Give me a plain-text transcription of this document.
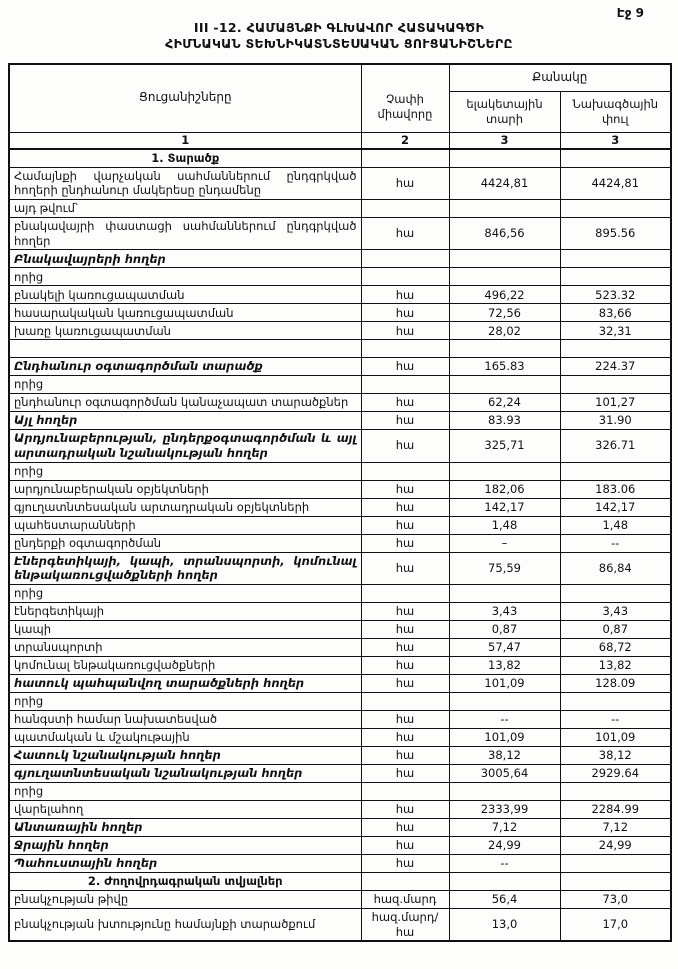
Էջ 9
III -12. ՀԱՄԱՅՆՔԻ ԳԼԽԱՎՈՐ ՀԱՏԱԿԱԳԾԻ
ՀԻՄՆԱԿԱՆ ՏԵԽՆԻԿԱՏՆՏԵՍԱԿԱՆ ՑՈՒՑԱՆԻՇՆԵՐԸ
Ցուցանիշները	Չափի միավորը	Քանակը	
		ելակետային տարի	Նախագծային փուլ
1	2	3	3
1. Տարածք			
Համայնքի վարչական սահմաններում ընդգրկված հողերի ընդհանուր մակերեսը ընդամենը	հա	4424,81	4424,81
այդ թվում՝			
բնակավայրի փաստացի սահմաններում ընդգրկված հողեր	հա	846,56	895.56
Բնակավայրերի հողեր			
որից			
բնակելի կառուցապատման	հա	496,22	523.32
հասարակական կառուցապատման	հա	72,56	83,66
խառը կառուցապատման	հա	28,02	32,31

Ընդհանուր օգտագործման տարածք	հա	165.83	224.37
որից			
ընդհանուր օգտագործման կանաչապատ տարածքներ	հա	62,24	101,27
Այլ հողեր	հա	83.93	31.90
Արդյունաբերության, ընդերքօգտագործման և այլ արտադրական նշանակության հողեր	հա	325,71	326.71
որից			
արդյունաբերական օբյեկտների	հա	182,06	183.06
գյուղատնտեսական արտադրական օբյեկտների	հա	142,17	142,17
պահեստարանների	հա	1,48	1,48
ընդերքի օգտագործման	հա	–	--
Էներգետիկայի, կապի, տրանսպորտի, կոմունալ ենթակառուցվածքների հողեր	հա	75,59	86,84
որից			
էներգետիկայի	հա	3,43	3,43
կապի	հա	0,87	0,87
տրանսպորտի	հա	57,47	68,72
կոմունալ ենթակառուցվածքների	հա	13,82	13,82
հատուկ պահպանվող տարածքների հողեր	հա	101,09	128.09
որից			
հանգստի համար նախատեսված	հա	--	--
պատմական և մշակութային	հա	101,09	101,09
Հատուկ նշանակության հողեր	հա	38,12	38,12
գյուղատնտեսական նշանակության հողեր	հա	3005,64	2929.64
որից			
վարելահող	հա	2333,99	2284.99
Անտառային հողեր	հա	7,12	7,12
Ջրային հողեր	հա	24,99	24,99
Պահուստային հողեր	հա	--	
2. Ժողովրդագրական տվյալներ			
բնակչության թիվը	հազ.մարդ	56,4	73,0
բնակչության խտությունը համայնքի տարածքում	հազ.մարդ/հա	13,0	17,0
